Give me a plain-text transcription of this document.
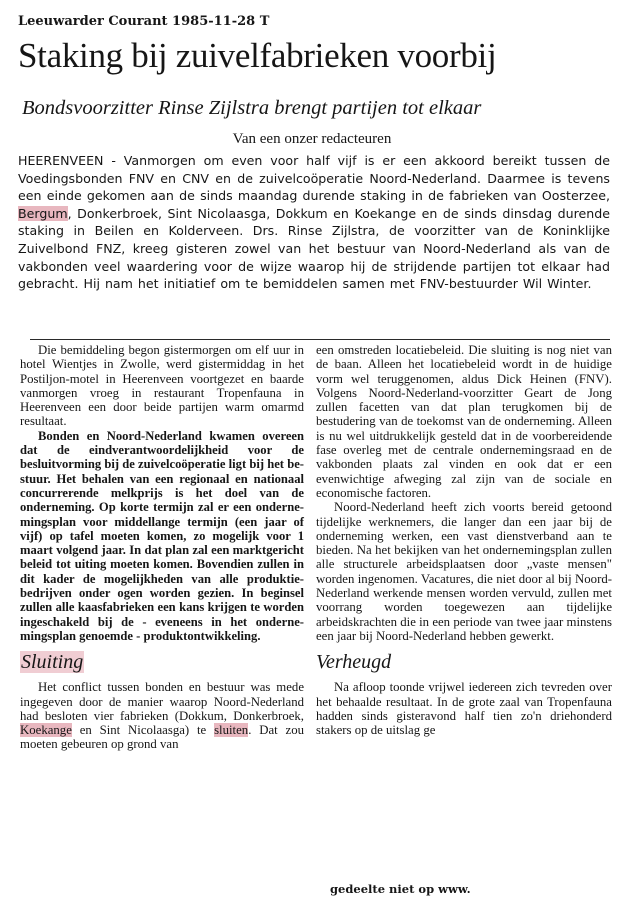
Leeuwarder Courant 1985-11-28 T
Staking bij zuivelfabrieken voorbij
Bondsvoorzitter Rinse Zijlstra brengt partijen tot elkaar
Van een onzer redacteuren

HEERENVEEN - Vanmorgen om even voor half vijf is er een akkoord bereikt tussen de Voedingsbonden FNV en CNV en de zuivelcoöperatie Noord-Nederland. Daarmee is tevens een einde gekomen aan de sinds maandag durende staking in de fabrieken van Oosterzee, Bergum, Donkerbroek, Sint Nicolaasga, Dokkum en Koekange en de sinds dinsdag durende staking in Beilen en Kolderveen. Drs. Rinse Zijlstra, de voorzitter van de Koninklijke Zuivelbond FNZ, kreeg gisteren zowel van het bestuur van Noord-Nederland als van de vakbonden veel waardering voor de wijze waarop hij de strijdende partijen tot elkaar had gebracht. Hij nam het initiatief om te bemiddelen samen met FNV-bestuurder Wil Winter.

Die bemiddeling begon gistermorgen om elf uur in hotel Wientjes in Zwolle, werd gistermiddag in het Postiljon-motel in Heerenveen voortgezet en baarde vanmorgen vroeg in restaurant Tropenfauna in Heerenveen een door beide partijen warm omarmd resultaat.

Bonden en Noord-Nederland kwamen overeen dat de eindverantwoordelijkheid voor de besluitvorming bij de zuivelcoöperatie ligt bij het bestuur. Het behalen van een regionaal en nationaal concurrerende melkprijs is het doel van de onderneming. Op korte termijn zal er een ondernemingsplan voor middellange termijn (een jaar of vijf) op tafel moeten komen, zo mogelijk voor 1 maart volgend jaar. In dat plan zal een marktgericht beleid tot uiting moeten komen. Bovendien zullen in dit kader de mogelijkheden van alle produktiebedrijven onder ogen worden gezien. In beginsel zullen alle kaasfabrieken een kans krijgen te worden ingeschakeld bij de - eveneens in het ondernemingsplan genoemde - produktontwikkeling.

Sluiting

Het conflict tussen bonden en bestuur was mede ingegeven door de manier waarop Noord-Nederland had besloten vier fabrieken (Dokkum, Donkerbroek, Koekange en Sint Nicolaasga) te sluiten. Dat zou moeten gebeuren op grond van

een omstreden locatiebeleid. Die sluiting is nog niet van de baan. Alleen het locatiebeleid wordt in de huidige vorm wel teruggenomen, aldus Dick Heinen (FNV). Volgens Noord-Nederland-voorzitter Geart de Jong zullen facetten van dat plan terugkomen bij de bestudering van de toekomst van de onderneming. Alleen is nu wel uitdrukkelijk gesteld dat in de voorbereidende fase overleg met de centrale ondernemingsraad en de vakbonden plaats zal vinden en ook dat er een evenwichtige afweging zal zijn van de sociale en economische factoren.

Noord-Nederland heeft zich voorts bereid getoond tijdelijke werknemers, die langer dan een jaar bij de onderneming werken, een vast dienstverband aan te bieden. Na het bekijken van het ondernemingsplan zullen alle structurele arbeidsplaatsen door „vaste mensen" worden ingenomen. Vacatures, die niet door al bij Noord-Nederland werkende mensen worden vervuld, zullen met voorrang worden toegewezen aan tijdelijke arbeidskrachten die in een periode van twee jaar minstens een jaar bij Noord-Nederland hebben gewerkt.

Verheugd

Na afloop toonde vrijwel iedereen zich tevreden over het behaalde resultaat. In de grote zaal van Tropenfauna hadden sinds gisteravond half tien zo'n driehonderd stakers op de uitslag ge

gedeelte niet op www.
